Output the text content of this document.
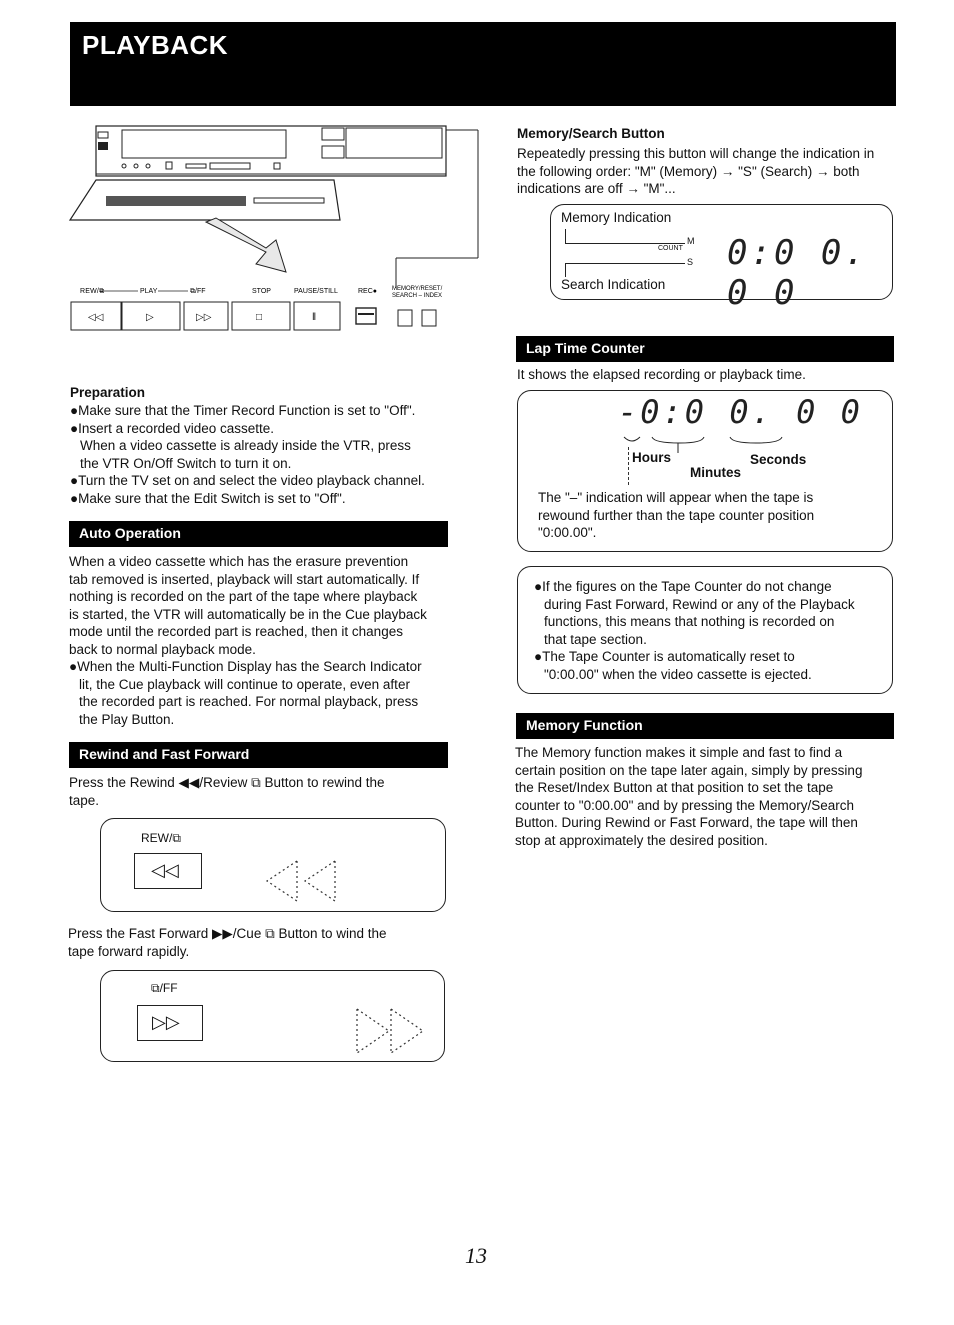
PLAYBACK
REW/⧉	PLAY	⧉/FF	STOP	PAUSE/STILL	REC● MEMORY/RESET/
SEARCH – INDEX
◁◁	▷	▷▷	□	‖
Memory/Search Button
Repeatedly pressing this button will change the indication in
the following order: "M" (Memory) → "S" (Search) → both
indications are off → "M"...
Memory Indication
Search Indication
COUNT
M
S 0:0 0. 0 0
Lap Time Counter
It shows the elapsed recording or playback time.
-0:0 0. 0 0
Hours
Minutes
Seconds
The "–" indication will appear when the tape is
rewound further than the tape counter position
"0:00.00".
●If the figures on the Tape Counter do not change
during Fast Forward, Rewind or any of the Playback
functions, this means that nothing is recorded on
that tape section.
●The Tape Counter is automatically reset to
"0:00.00" when the video cassette is ejected.
Memory Function
The Memory function makes it simple and fast to find a
certain position on the tape later again, simply by pressing
the Reset/Index Button at that position to set the tape
counter to "0:00.00" and by pressing the Memory/Search
Button. During Rewind or Fast Forward, the tape will then
stop at approximately the desired position.
Preparation
●Make sure that the Timer Record Function is set to "Off".
●Insert a recorded video cassette.
When a video cassette is already inside the VTR, press
the VTR On/Off Switch to turn it on.
●Turn the TV set on and select the video playback channel.
●Make sure that the Edit Switch is set to "Off".
Auto Operation
When a video cassette which has the erasure prevention
tab removed is inserted, playback will start automatically. If
nothing is recorded on the part of the tape where playback
is started, the VTR will automatically be in the Cue playback
mode until the recorded part is reached, then it changes
back to normal playback mode.
●When the Multi-Function Display has the Search Indicator
lit, the Cue playback will continue to operate, even after
the recorded part is reached. For normal playback, press
the Play Button.
Rewind and Fast Forward
Press the Rewind ◀◀/Review ⧉ Button to rewind the
tape.
REW/⧉
◁◁
Press the Fast Forward ▶▶/Cue ⧉ Button to wind the
tape forward rapidly.
⧉/FF
▷▷
13
